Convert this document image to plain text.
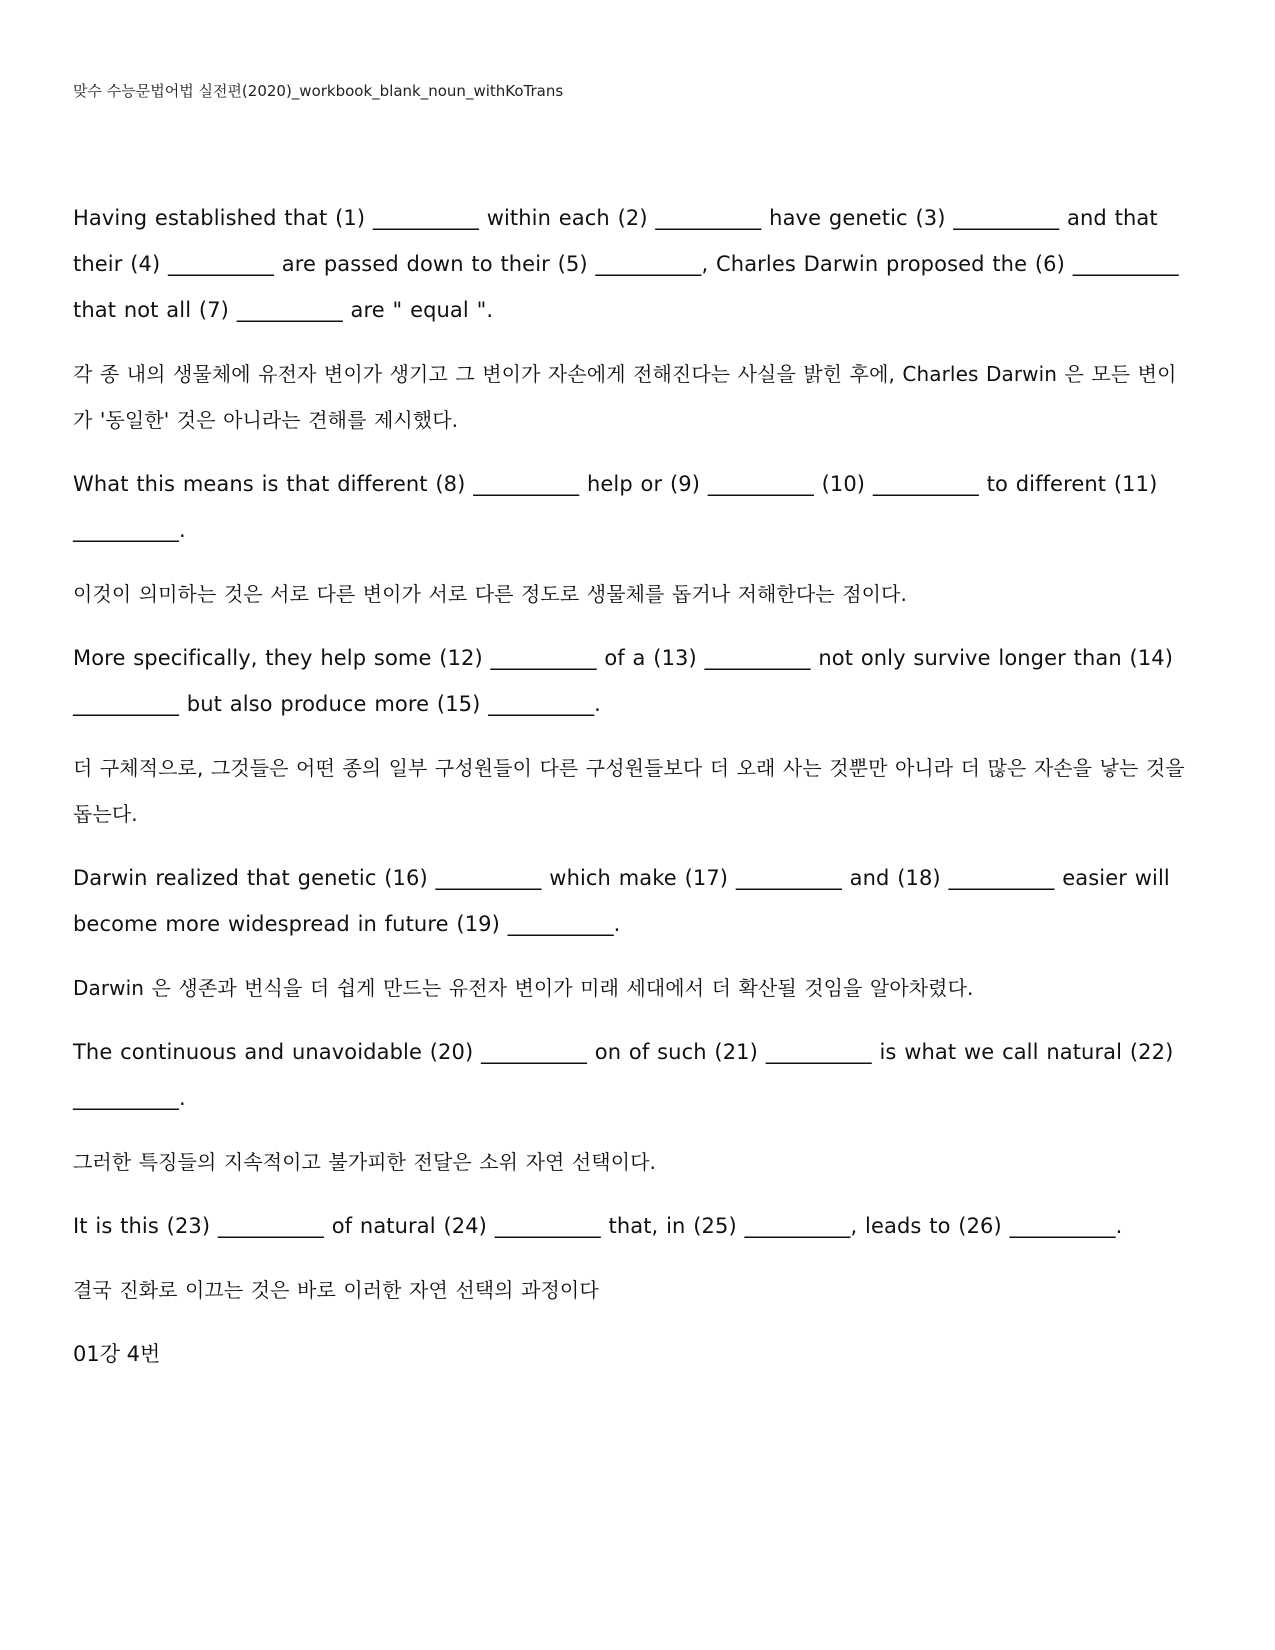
맞수 수능문법어법 실전편(2020)_workbook_blank_noun_withKoTrans

Having established that (1) __________ within each (2) __________ have genetic (3) __________ and that their (4) __________ are passed down to their (5) __________, Charles Darwin proposed the (6) __________ that not all (7) __________ are " equal ".

각 종 내의 생물체에 유전자 변이가 생기고 그 변이가 자손에게 전해진다는 사실을 밝힌 후에, Charles Darwin 은 모든 변이가 '동일한' 것은 아니라는 견해를 제시했다.

What this means is that different (8) __________ help or (9) __________ (10) __________ to different (11) __________.

이것이 의미하는 것은 서로 다른 변이가 서로 다른 정도로 생물체를 돕거나 저해한다는 점이다.

More specifically, they help some (12) __________ of a (13) __________ not only survive longer than (14) __________ but also produce more (15) __________.

더 구체적으로, 그것들은 어떤 종의 일부 구성원들이 다른 구성원들보다 더 오래 사는 것뿐만 아니라 더 많은 자손을 낳는 것을 돕는다.

Darwin realized that genetic (16) __________ which make (17) __________ and (18) __________ easier will become more widespread in future (19) __________.

Darwin 은 생존과 번식을 더 쉽게 만드는 유전자 변이가 미래 세대에서 더 확산될 것임을 알아차렸다.

The continuous and unavoidable (20) __________ on of such (21) __________ is what we call natural (22) __________.

그러한 특징들의 지속적이고 불가피한 전달은 소위 자연 선택이다.

It is this (23) __________ of natural (24) __________ that, in (25) __________, leads to (26) __________.

결국 진화로 이끄는 것은 바로 이러한 자연 선택의 과정이다

01강 4번
